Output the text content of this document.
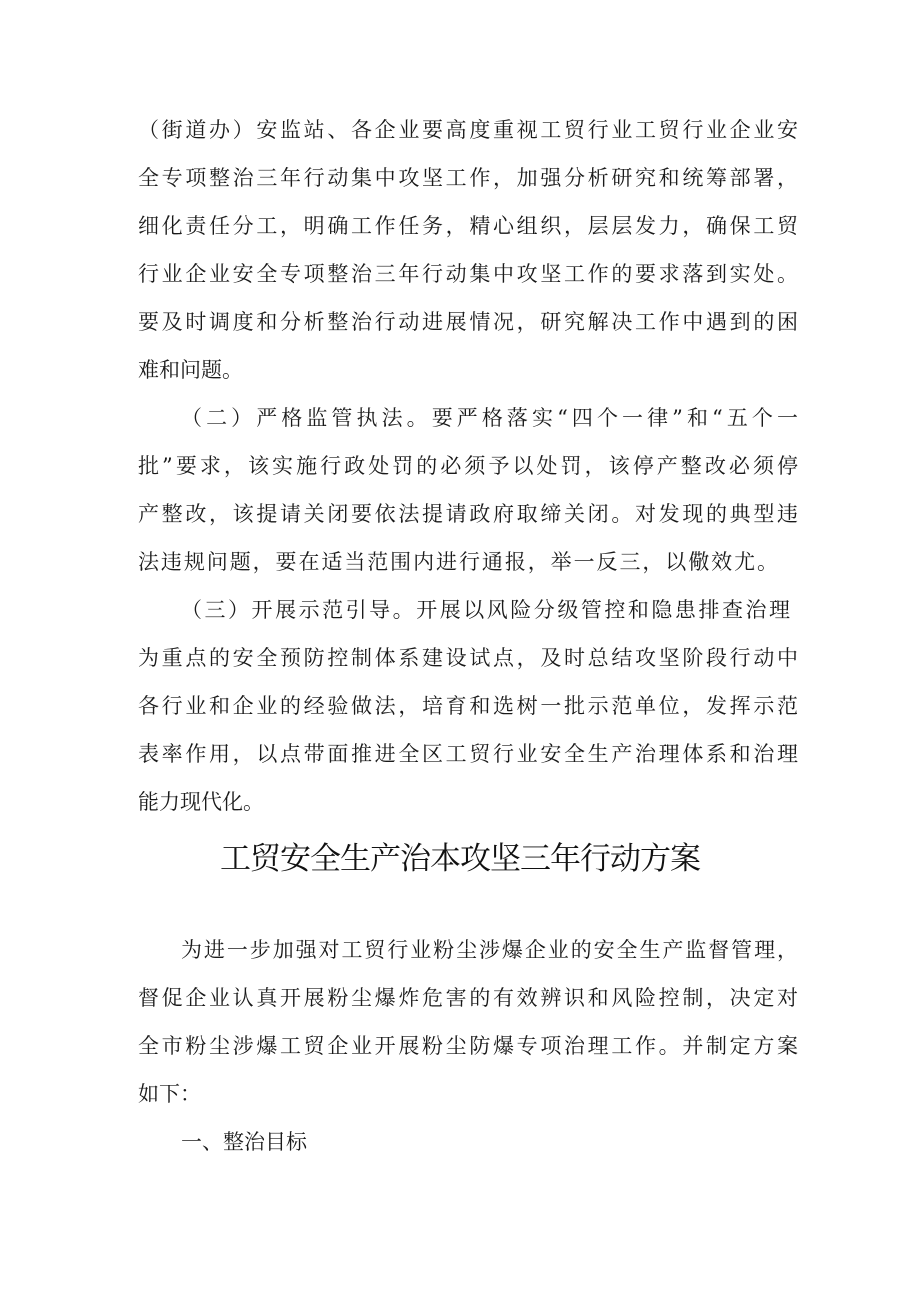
（街道办）安监站、各企业要高度重视工贸行业工贸行业企业安
全专项整治三年行动集中攻坚工作，加强分析研究和统筹部署，
细化责任分工，明确工作任务，精心组织，层层发力，确保工贸
行业企业安全专项整治三年行动集中攻坚工作的要求落到实处。
要及时调度和分析整治行动进展情况，研究解决工作中遇到的困
难和问题。
（二）严格监管执法。要严格落实“四个一律”和“五个一
批”要求，该实施行政处罚的必须予以处罚，该停产整改必须停
产整改，该提请关闭要依法提请政府取缔关闭。对发现的典型违
法违规问题，要在适当范围内进行通报，举一反三，以儆效尤。
（三）开展示范引导。开展以风险分级管控和隐患排查治理
为重点的安全预防控制体系建设试点，及时总结攻坚阶段行动中
各行业和企业的经验做法，培育和选树一批示范单位，发挥示范
表率作用，以点带面推进全区工贸行业安全生产治理体系和治理
能力现代化。
工贸安全生产治本攻坚三年行动方案
为进一步加强对工贸行业粉尘涉爆企业的安全生产监督管理，
督促企业认真开展粉尘爆炸危害的有效辨识和风险控制，决定对
全市粉尘涉爆工贸企业开展粉尘防爆专项治理工作。并制定方案
如下：
一、整治目标
